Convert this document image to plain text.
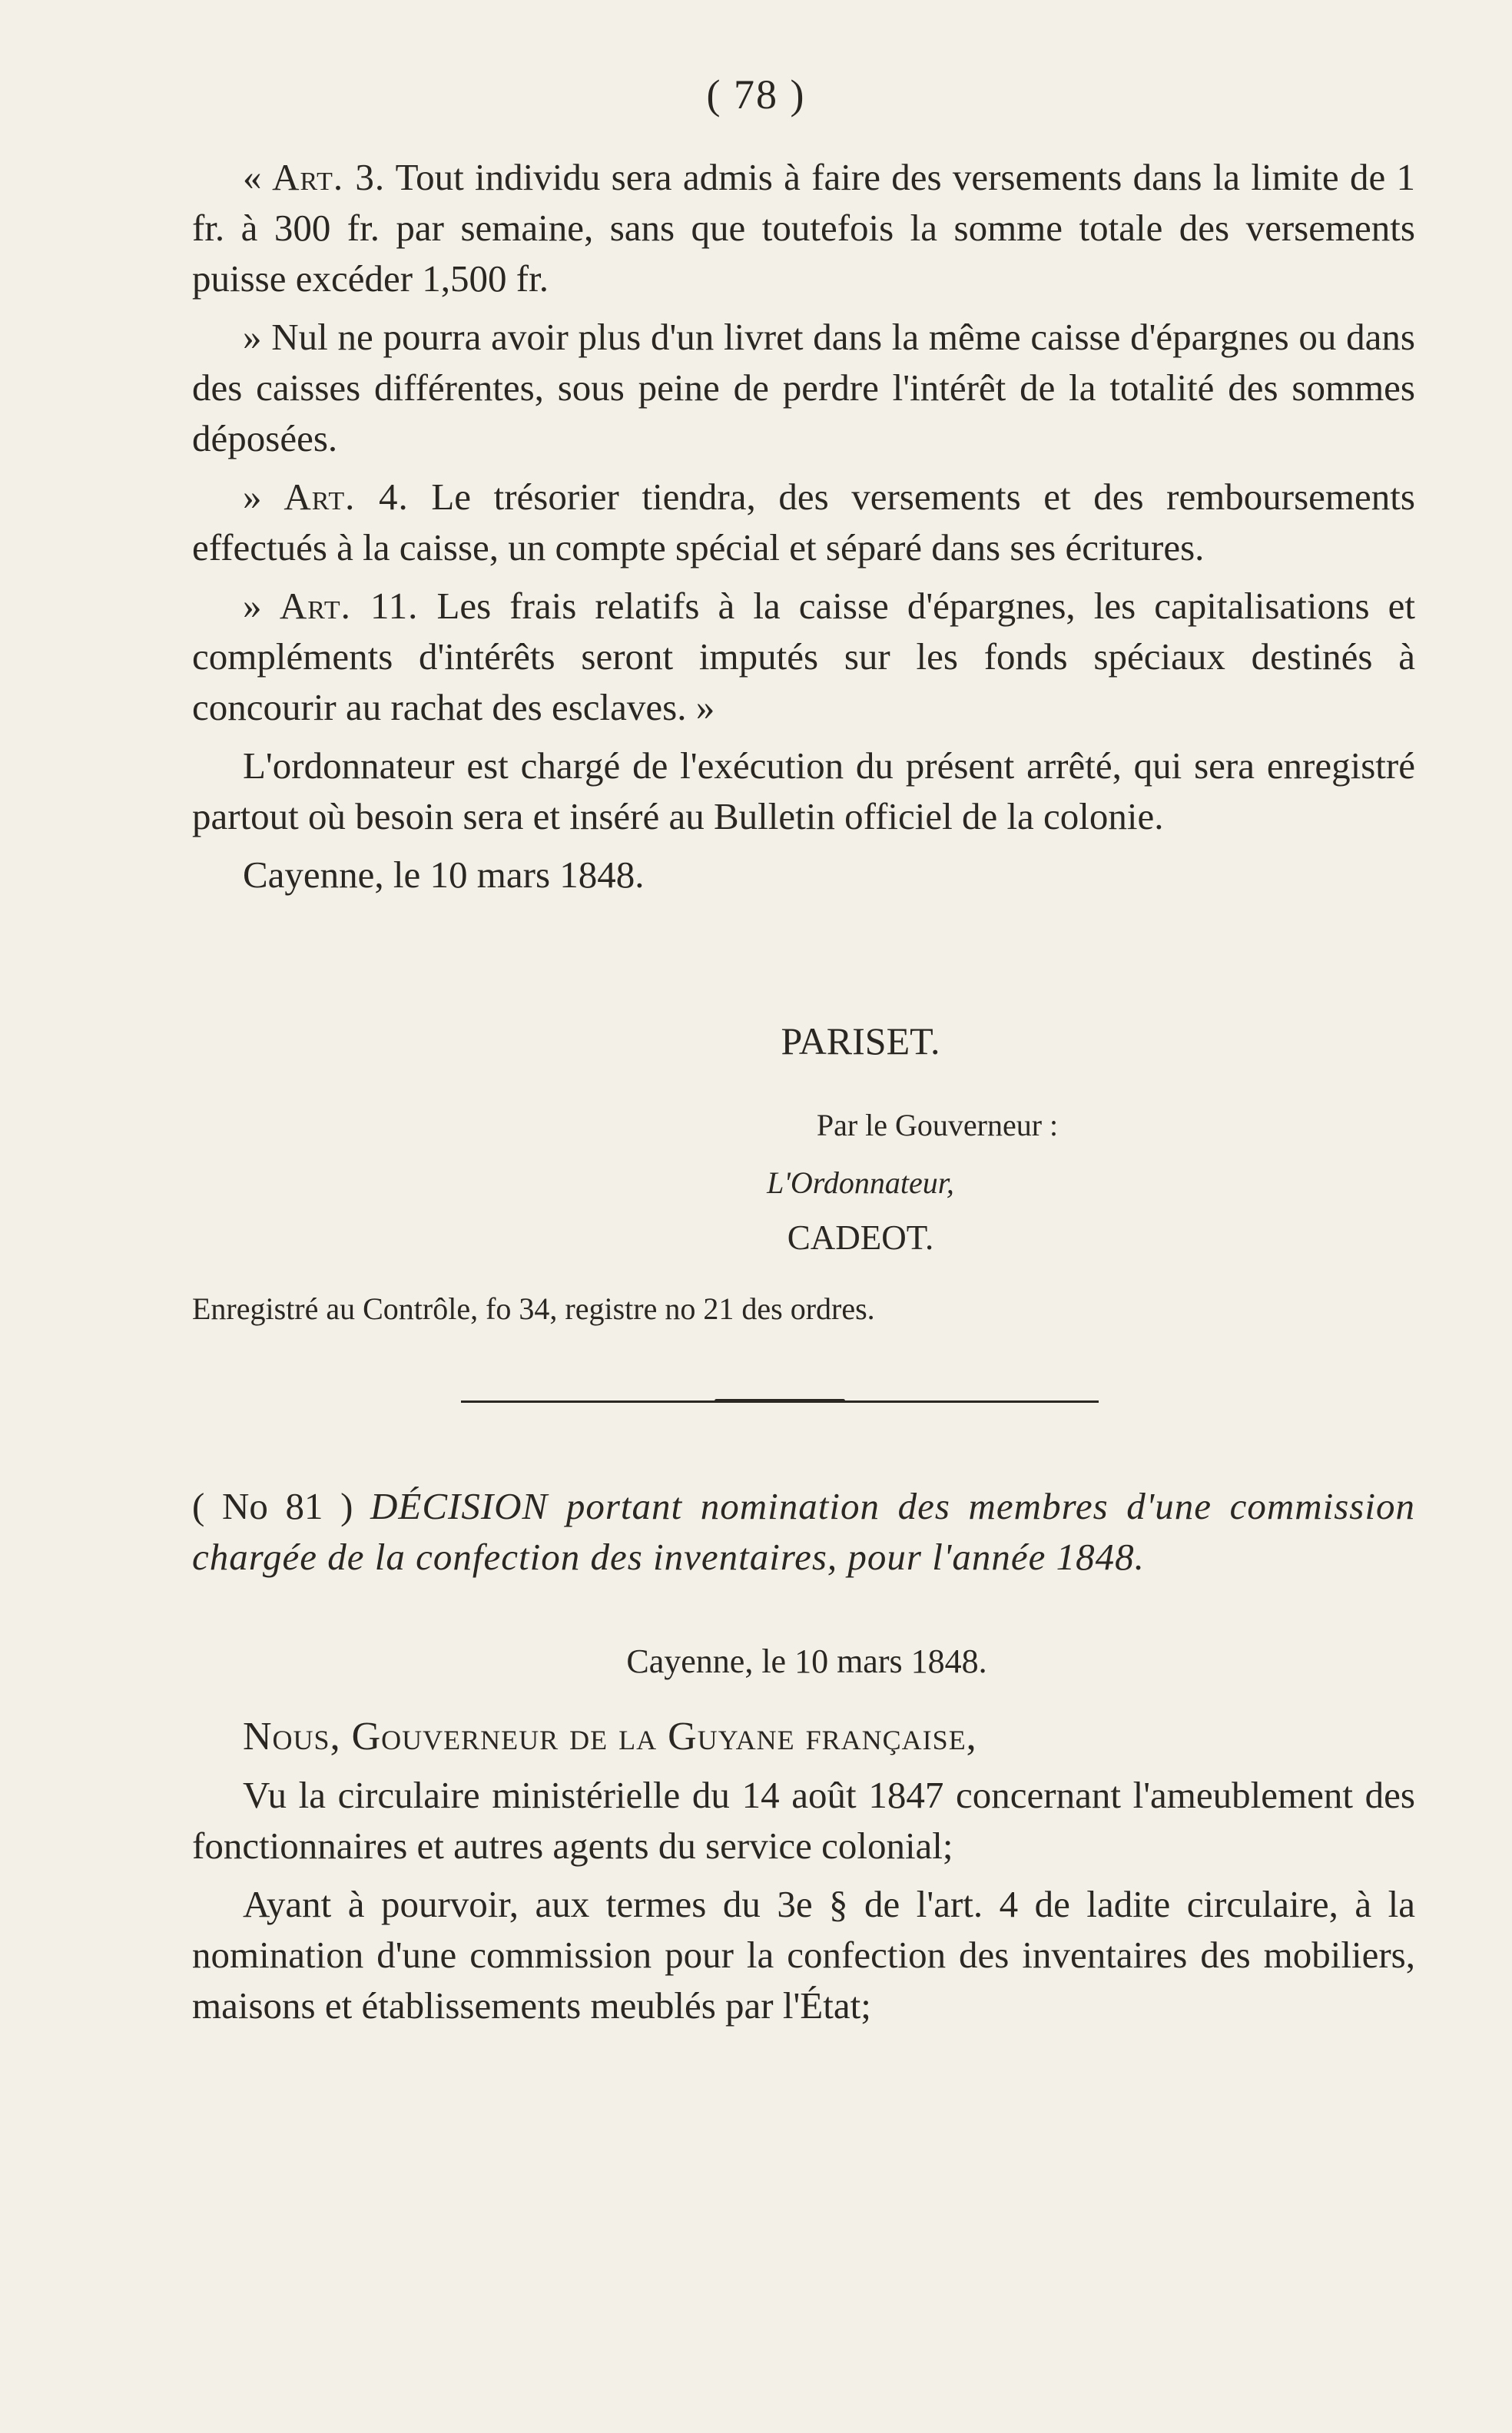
( 78 )

« Art. 3. Tout individu sera admis à faire des versements dans la limite de 1 fr. à 300 fr. par semaine, sans que toutefois la somme totale des versements puisse excéder 1,500 fr.

» Nul ne pourra avoir plus d'un livret dans la même caisse d'épargnes ou dans des caisses différentes, sous peine de perdre l'intérêt de la totalité des sommes déposées.

» Art. 4. Le trésorier tiendra, des versements et des remboursements effectués à la caisse, un compte spécial et séparé dans ses écritures.

» Art. 11. Les frais relatifs à la caisse d'épargnes, les capitalisations et compléments d'intérêts seront imputés sur les fonds spéciaux destinés à concourir au rachat des esclaves. »

L'ordonnateur est chargé de l'exécution du présent arrêté, qui sera enregistré partout où besoin sera et inséré au Bulletin officiel de la colonie.

Cayenne, le 10 mars 1848.

PARISET.
Par le Gouverneur :
L'Ordonnateur,
CADEOT.
Enregistré au Contrôle, fo 34, registre no 21 des ordres.
( No 81 ) DÉCISION portant nomination des membres d'une commission chargée de la confection des inventaires, pour l'année 1848.
Cayenne, le 10 mars 1848.

Nous, Gouverneur de la Guyane française,

Vu la circulaire ministérielle du 14 août 1847 concernant l'ameublement des fonctionnaires et autres agents du service colonial;

Ayant à pourvoir, aux termes du 3e § de l'art. 4 de ladite circulaire, à la nomination d'une commission pour la confection des inventaires des mobiliers, maisons et établissements meublés par l'État;
